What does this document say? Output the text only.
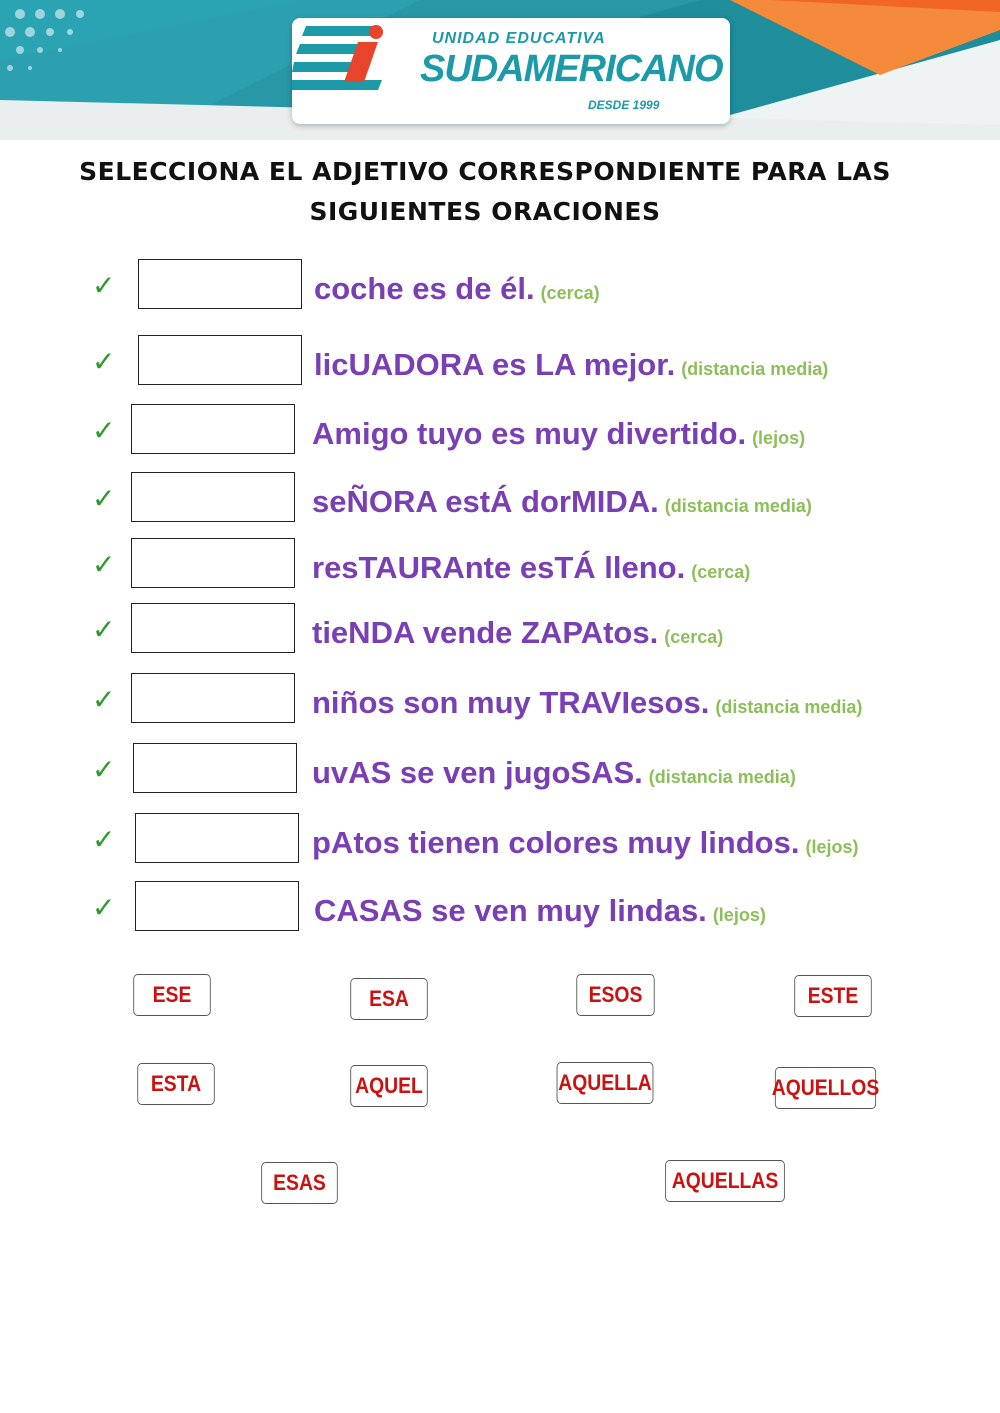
UNIDAD EDUCATIVA
SUDAMERICANO
DESDE 1999
SELECCIONA EL ADJETIVO CORRESPONDIENTE PARA LAS
SIGUIENTES ORACIONES
✓	coche es de él. (cerca)
✓	licUADORA es LA mejor. (distancia media)
✓	Amigo tuyo es muy divertido. (lejos)
✓	seÑORA estÁ dorMIDA. (distancia media)
✓	resTAURAnte esTÁ lleno. (cerca)
✓	tieNDA vende ZAPAtos. (cerca)
✓	niños son muy TRAVIesos. (distancia media)
✓	uvAS se ven jugoSAS. (distancia media)
✓	pAtos tienen colores muy lindos. (lejos)
✓	CASAS se ven muy lindas. (lejos)
ESE	ESA	ESOS	ESTE
ESTA	AQUEL	AQUELLA	AQUELLOS
ESAS	AQUELLAS
